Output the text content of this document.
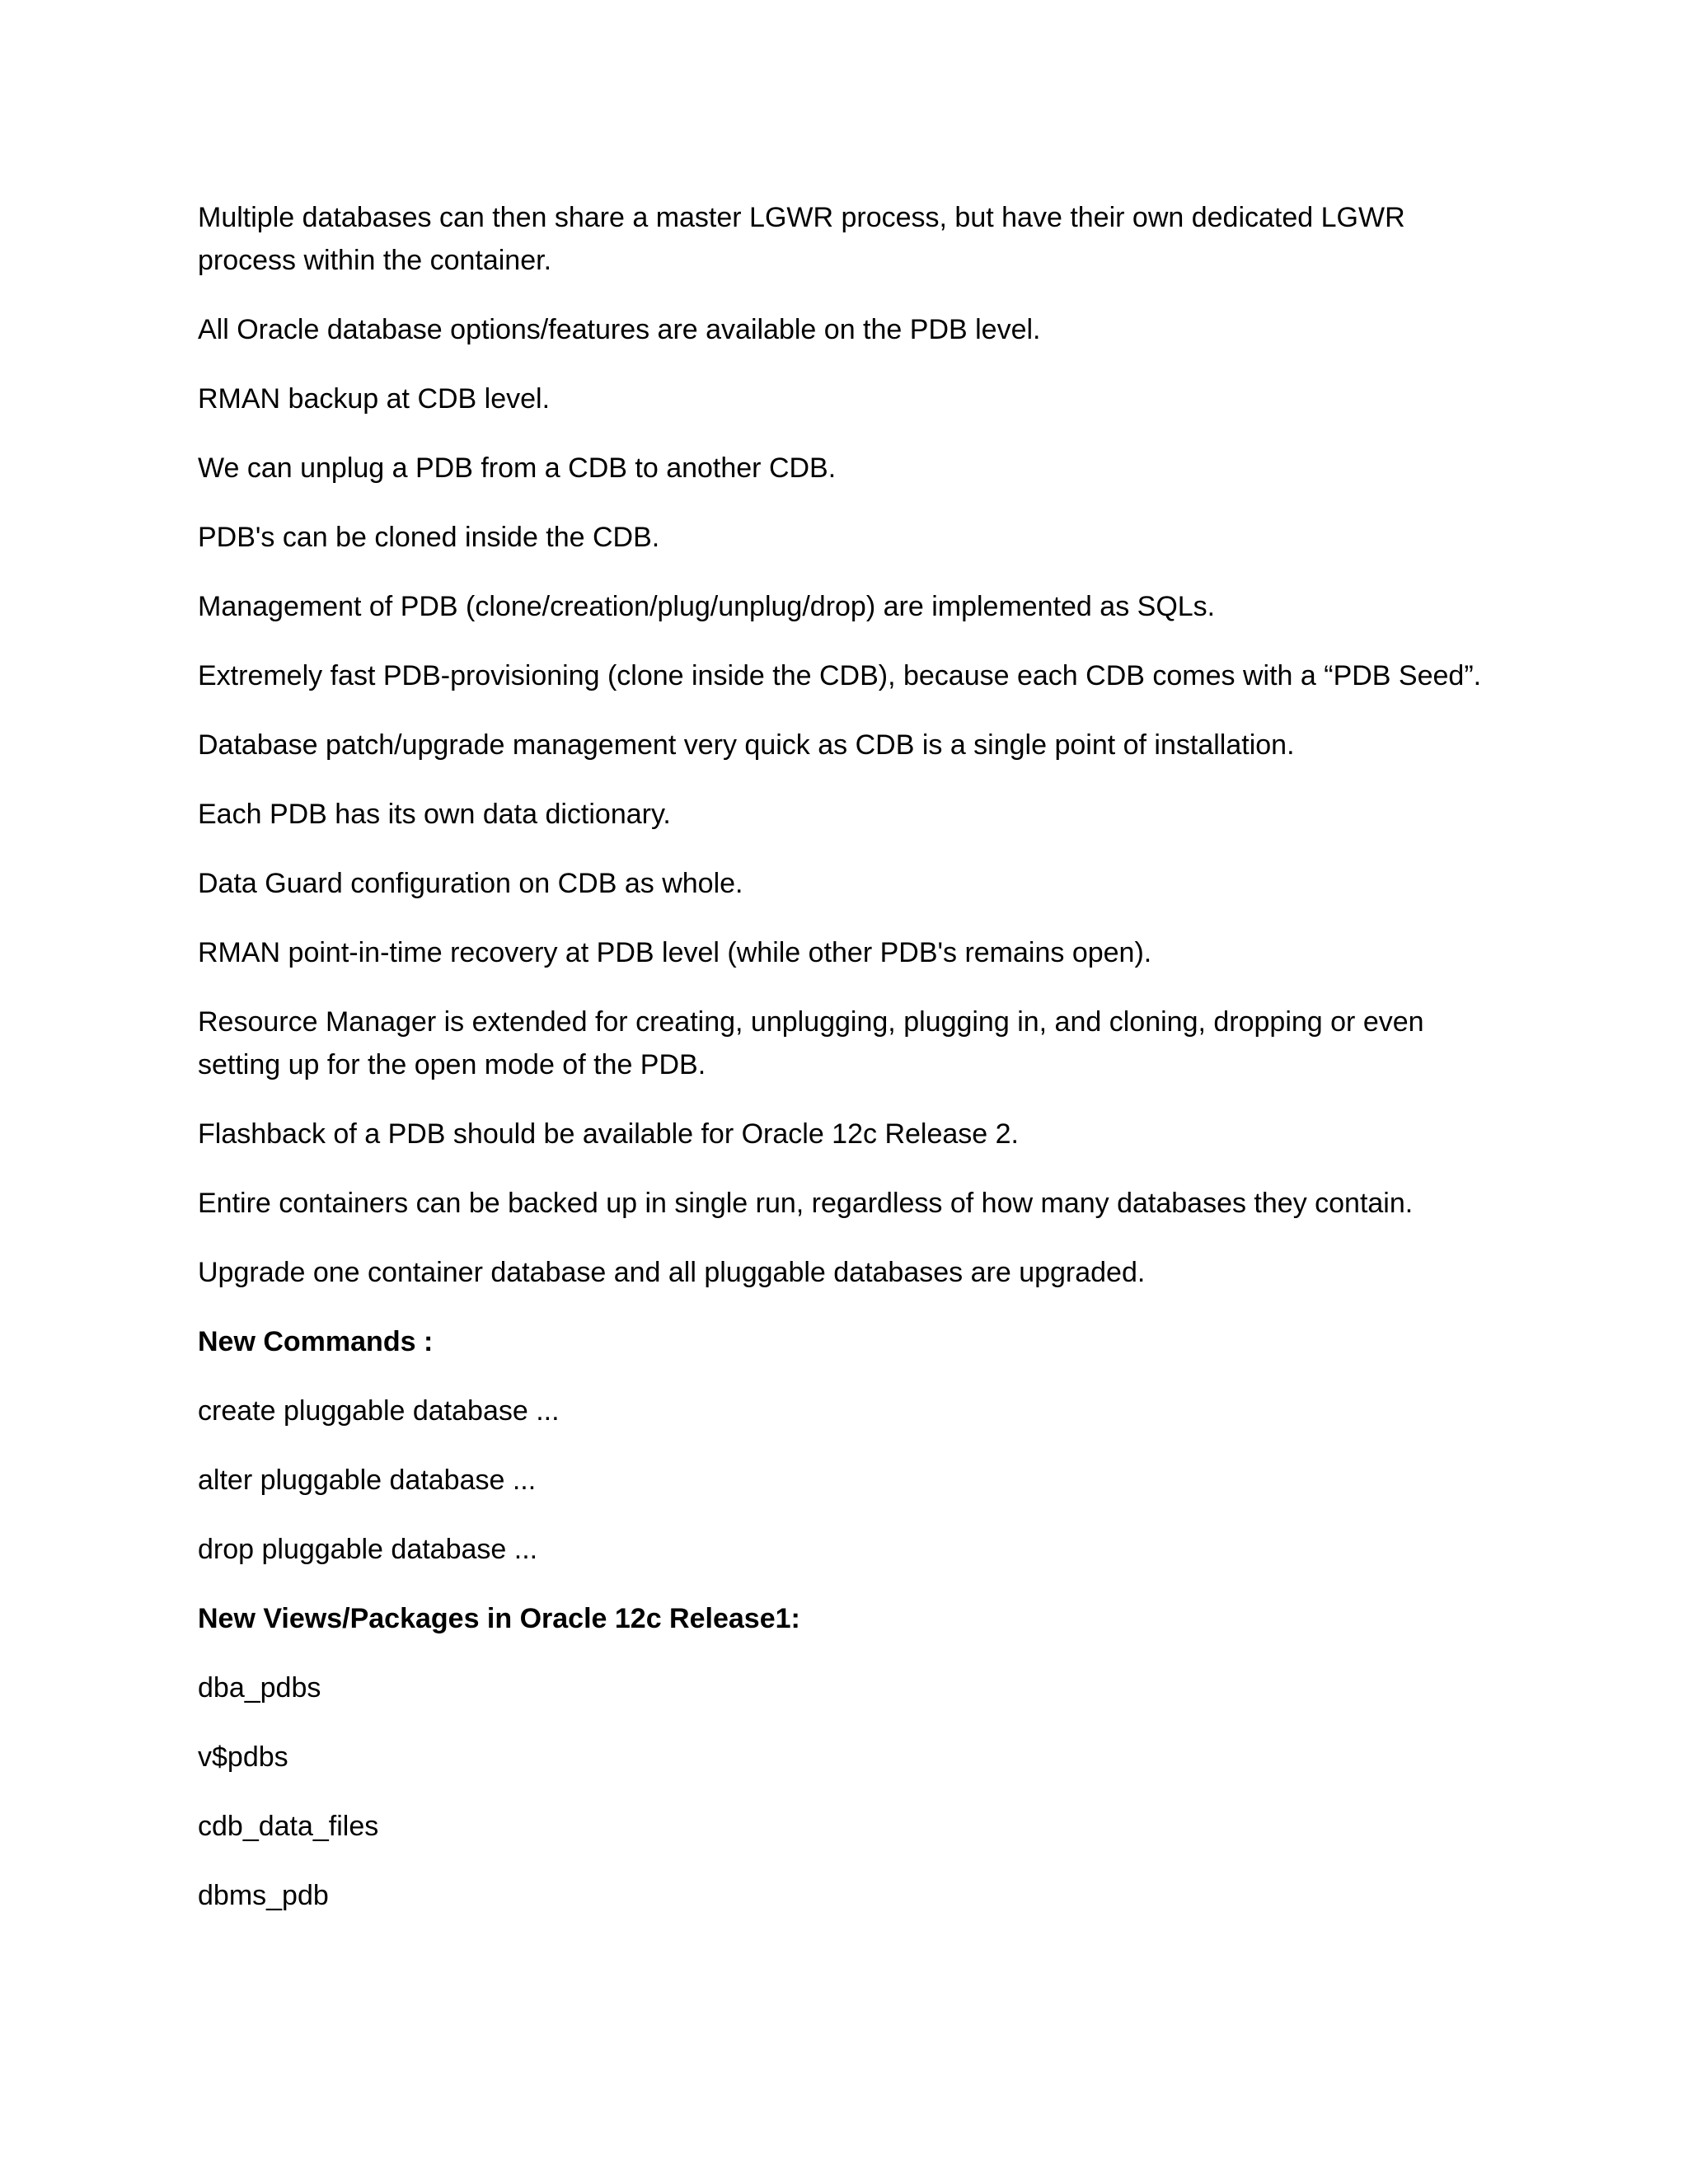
Multiple databases can then share a master LGWR process, but have their own dedicated LGWR process within the container.

All Oracle database options/features are available on the PDB level.

RMAN backup at CDB level.

We can unplug a PDB from a CDB to another CDB.

PDB's can be cloned inside the CDB.

Management of PDB (clone/creation/plug/unplug/drop) are implemented as SQLs.

Extremely fast PDB-provisioning (clone inside the CDB), because each CDB comes with a “PDB Seed”.

Database patch/upgrade management very quick as CDB is a single point of installation.

Each PDB has its own data dictionary.

Data Guard configuration on CDB as whole.

RMAN point-in-time recovery at PDB level (while other PDB's remains open).

Resource Manager is extended for creating, unplugging, plugging in, and cloning, dropping or even setting up for the open mode of the PDB.

Flashback of a PDB should be available for Oracle 12c Release 2.

Entire containers can be backed up in single run, regardless of how many databases they contain.

Upgrade one container database and all pluggable databases are upgraded.

New Commands :

create pluggable database ...

alter pluggable database ...

drop pluggable database ...

New Views/Packages in Oracle 12c Release1:

dba_pdbs

v$pdbs

cdb_data_files

dbms_pdb
